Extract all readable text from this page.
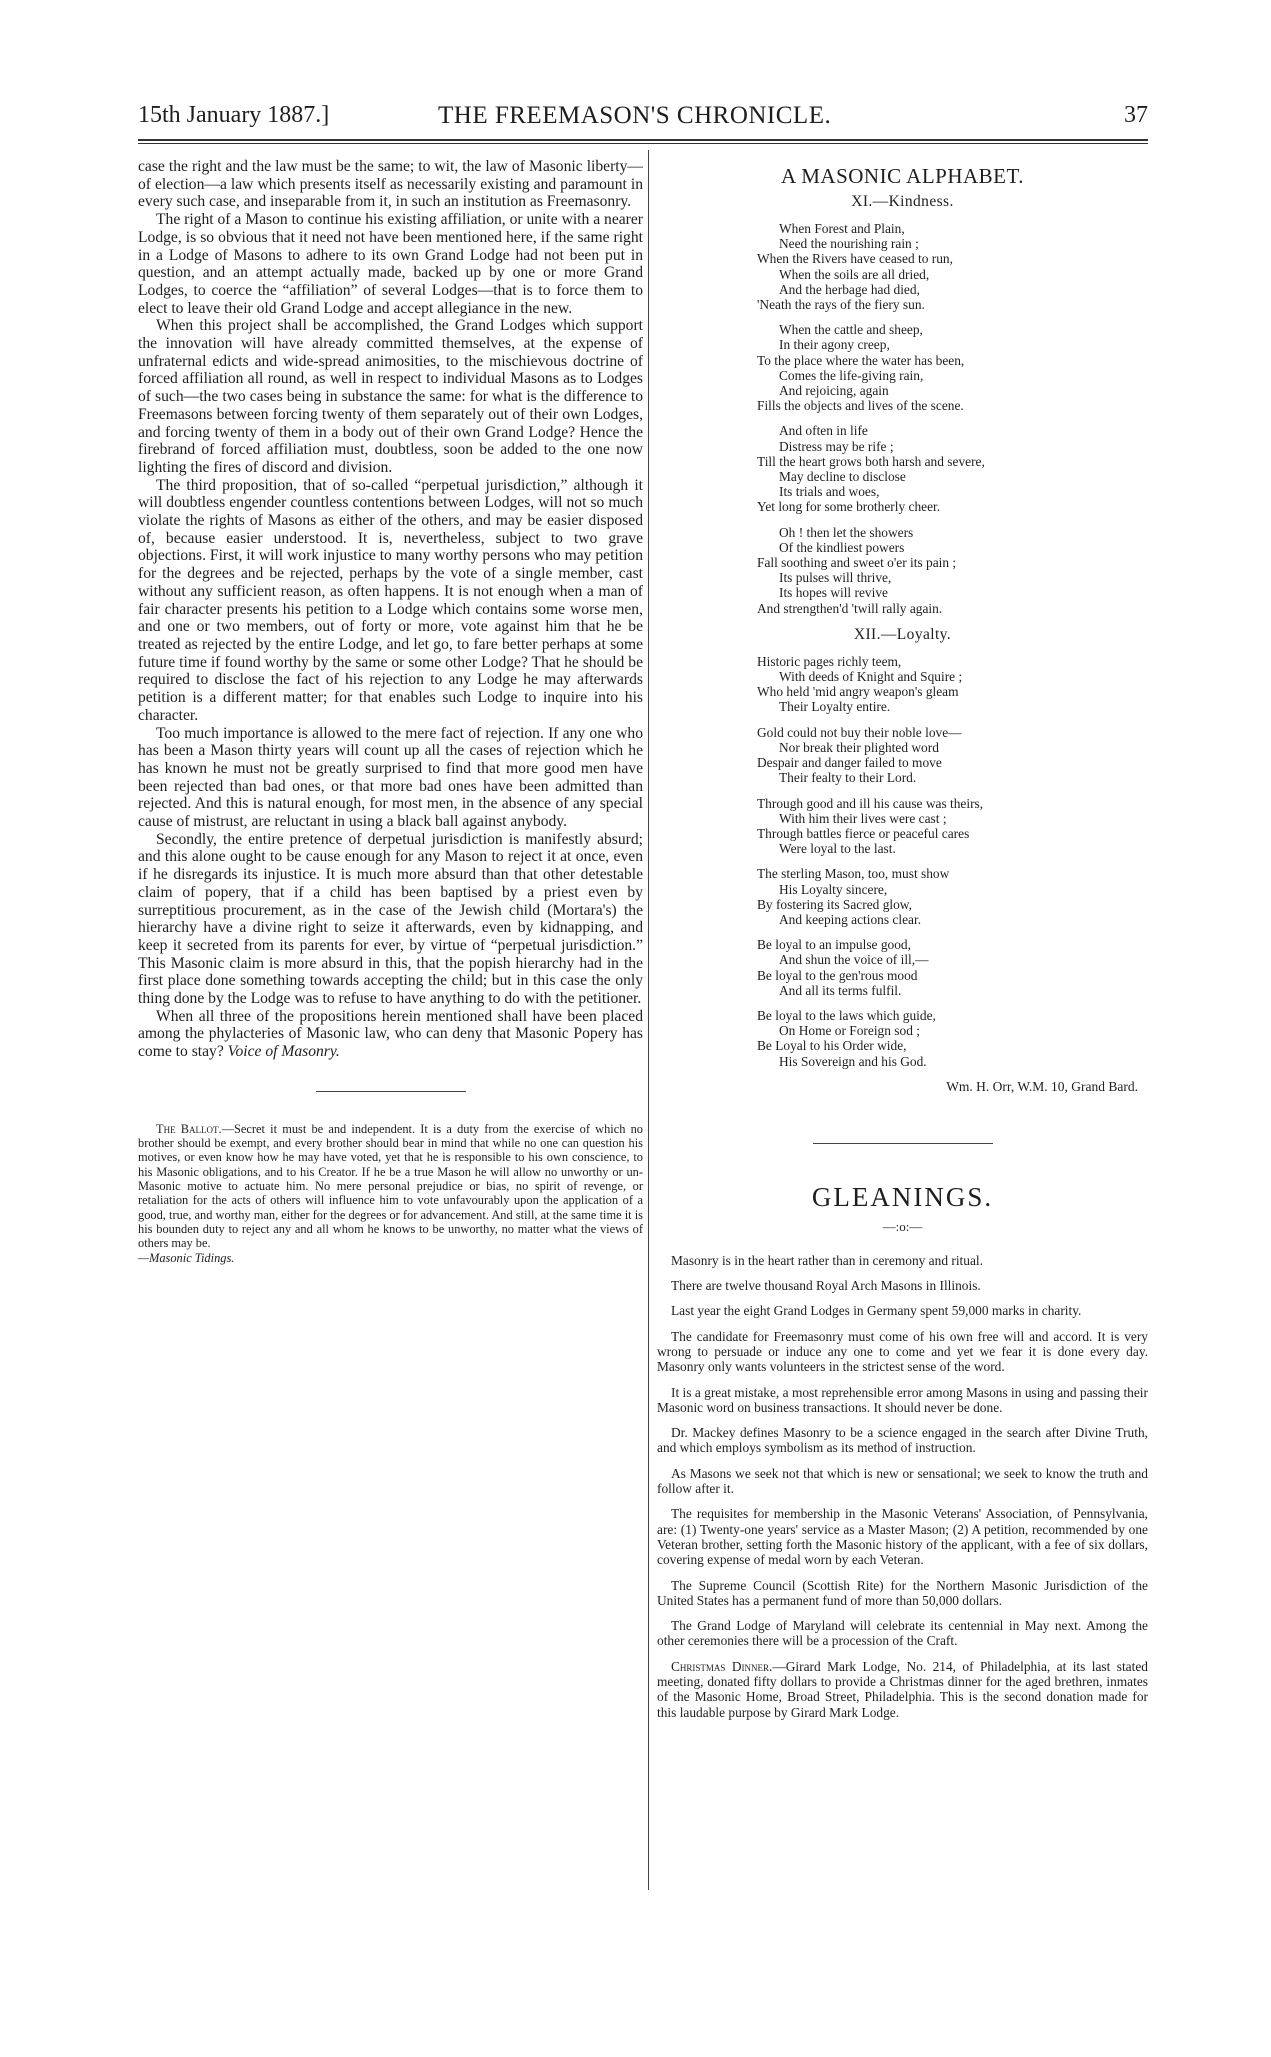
15th January 1887.]	THE FREEMASON'S CHRONICLE.	37

case the right and the law must be the same; to wit, the law of Masonic liberty—of election—a law which presents itself as necessarily existing and paramount in every such case, and inseparable from it, in such an institution as Freemasonry.

The right of a Mason to continue his existing affiliation, or unite with a nearer Lodge, is so obvious that it need not have been mentioned here, if the same right in a Lodge of Masons to adhere to its own Grand Lodge had not been put in question, and an attempt actually made, backed up by one or more Grand Lodges, to coerce the “affiliation” of several Lodges—that is to force them to elect to leave their old Grand Lodge and accept allegiance in the new.

When this project shall be accomplished, the Grand Lodges which support the innovation will have already committed themselves, at the expense of unfraternal edicts and wide-spread animosities, to the mischievous doctrine of forced affiliation all round, as well in respect to individual Masons as to Lodges of such—the two cases being in substance the same: for what is the difference to Freemasons between forcing twenty of them separately out of their own Lodges, and forcing twenty of them in a body out of their own Grand Lodge? Hence the firebrand of forced affiliation must, doubtless, soon be added to the one now lighting the fires of discord and division.

The third proposition, that of so-called “perpetual jurisdiction,” although it will doubtless engender countless contentions between Lodges, will not so much violate the rights of Masons as either of the others, and may be easier disposed of, because easier understood. It is, nevertheless, subject to two grave objections. First, it will work injustice to many worthy persons who may petition for the degrees and be rejected, perhaps by the vote of a single member, cast without any sufficient reason, as often happens. It is not enough when a man of fair character presents his petition to a Lodge which contains some worse men, and one or two members, out of forty or more, vote against him that he be treated as rejected by the entire Lodge, and let go, to fare better perhaps at some future time if found worthy by the same or some other Lodge? That he should be required to disclose the fact of his rejection to any Lodge he may afterwards petition is a different matter; for that enables such Lodge to inquire into his character.

Too much importance is allowed to the mere fact of rejection. If any one who has been a Mason thirty years will count up all the cases of rejection which he has known he must not be greatly surprised to find that more good men have been rejected than bad ones, or that more bad ones have been admitted than rejected. And this is natural enough, for most men, in the absence of any special cause of mistrust, are reluctant in using a black ball against anybody.

Secondly, the entire pretence of derpetual jurisdiction is manifestly absurd; and this alone ought to be cause enough for any Mason to reject it at once, even if he disregards its injustice. It is much more absurd than that other detestable claim of popery, that if a child has been baptised by a priest even by surreptitious procurement, as in the case of the Jewish child (Mortara's) the hierarchy have a divine right to seize it afterwards, even by kidnapping, and keep it secreted from its parents for ever, by virtue of “perpetual jurisdiction.” This Masonic claim is more absurd in this, that the popish hierarchy had in the first place done something towards accepting the child; but in this case the only thing done by the Lodge was to refuse to have anything to do with the petitioner.

When all three of the propositions herein mentioned shall have been placed among the phylacteries of Masonic law, who can deny that Masonic Popery has come to stay? Voice of Masonry.

The Ballot.—Secret it must be and independent. It is a duty from the exercise of which no brother should be exempt, and every brother should bear in mind that while no one can question his motives, or even know how he may have voted, yet that he is responsible to his own conscience, to his Masonic obligations, and to his Creator. If he be a true Mason he will allow no unworthy or un-Masonic motive to actuate him. No mere personal prejudice or bias, no spirit of revenge, or retaliation for the acts of others will influence him to vote unfavourably upon the application of a good, true, and worthy man, either for the degrees or for advancement. And still, at the same time it is his bounden duty to reject any and all whom he knows to be unworthy, no matter what the views of others may be.

—Masonic Tidings.

A MASONIC ALPHABET.
XI.—Kindness.
When Forest and Plain,
Need the nourishing rain ;
When the Rivers have ceased to run,
When the soils are all dried,
And the herbage had died,
'Neath the rays of the fiery sun.
When the cattle and sheep,
In their agony creep,
To the place where the water has been,
Comes the life-giving rain,
And rejoicing, again
Fills the objects and lives of the scene.
And often in life
Distress may be rife ;
Till the heart grows both harsh and severe,
May decline to disclose
Its trials and woes,
Yet long for some brotherly cheer.
Oh ! then let the showers
Of the kindliest powers
Fall soothing and sweet o'er its pain ;
Its pulses will thrive,
Its hopes will revive
And strengthen'd 'twill rally again.
XII.—Loyalty.
Historic pages richly teem,
With deeds of Knight and Squire ;
Who held 'mid angry weapon's gleam
Their Loyalty entire.
Gold could not buy their noble love—
Nor break their plighted word
Despair and danger failed to move
Their fealty to their Lord.
Through good and ill his cause was theirs,
With him their lives were cast ;
Through battles fierce or peaceful cares
Were loyal to the last.
The sterling Mason, too, must show
His Loyalty sincere,
By fostering its Sacred glow,
And keeping actions clear.
Be loyal to an impulse good,
And shun the voice of ill,—
Be loyal to the gen'rous mood
And all its terms fulfil.
Be loyal to the laws which guide,
On Home or Foreign sod ;
Be Loyal to his Order wide,
His Sovereign and his God.
Wm. H. Orr, W.M. 10, Grand Bard.
GLEANINGS.
—:o:—

Masonry is in the heart rather than in ceremony and ritual.

There are twelve thousand Royal Arch Masons in Illinois.

Last year the eight Grand Lodges in Germany spent 59,000 marks in charity.

The candidate for Freemasonry must come of his own free will and accord. It is very wrong to persuade or induce any one to come and yet we fear it is done every day. Masonry only wants volunteers in the strictest sense of the word.

It is a great mistake, a most reprehensible error among Masons in using and passing their Masonic word on business transactions. It should never be done.

Dr. Mackey defines Masonry to be a science engaged in the search after Divine Truth, and which employs symbolism as its method of instruction.

As Masons we seek not that which is new or sensational; we seek to know the truth and follow after it.

The requisites for membership in the Masonic Veterans' Association, of Pennsylvania, are: (1) Twenty-one years' service as a Master Mason; (2) A petition, recommended by one Veteran brother, setting forth the Masonic history of the applicant, with a fee of six dollars, covering expense of medal worn by each Veteran.

The Supreme Council (Scottish Rite) for the Northern Masonic Jurisdiction of the United States has a permanent fund of more than 50,000 dollars.

The Grand Lodge of Maryland will celebrate its centennial in May next. Among the other ceremonies there will be a procession of the Craft.

Christmas Dinner.—Girard Mark Lodge, No. 214, of Philadelphia, at its last stated meeting, donated fifty dollars to provide a Christmas dinner for the aged brethren, inmates of the Masonic Home, Broad Street, Philadelphia. This is the second donation made for this laudable purpose by Girard Mark Lodge.
